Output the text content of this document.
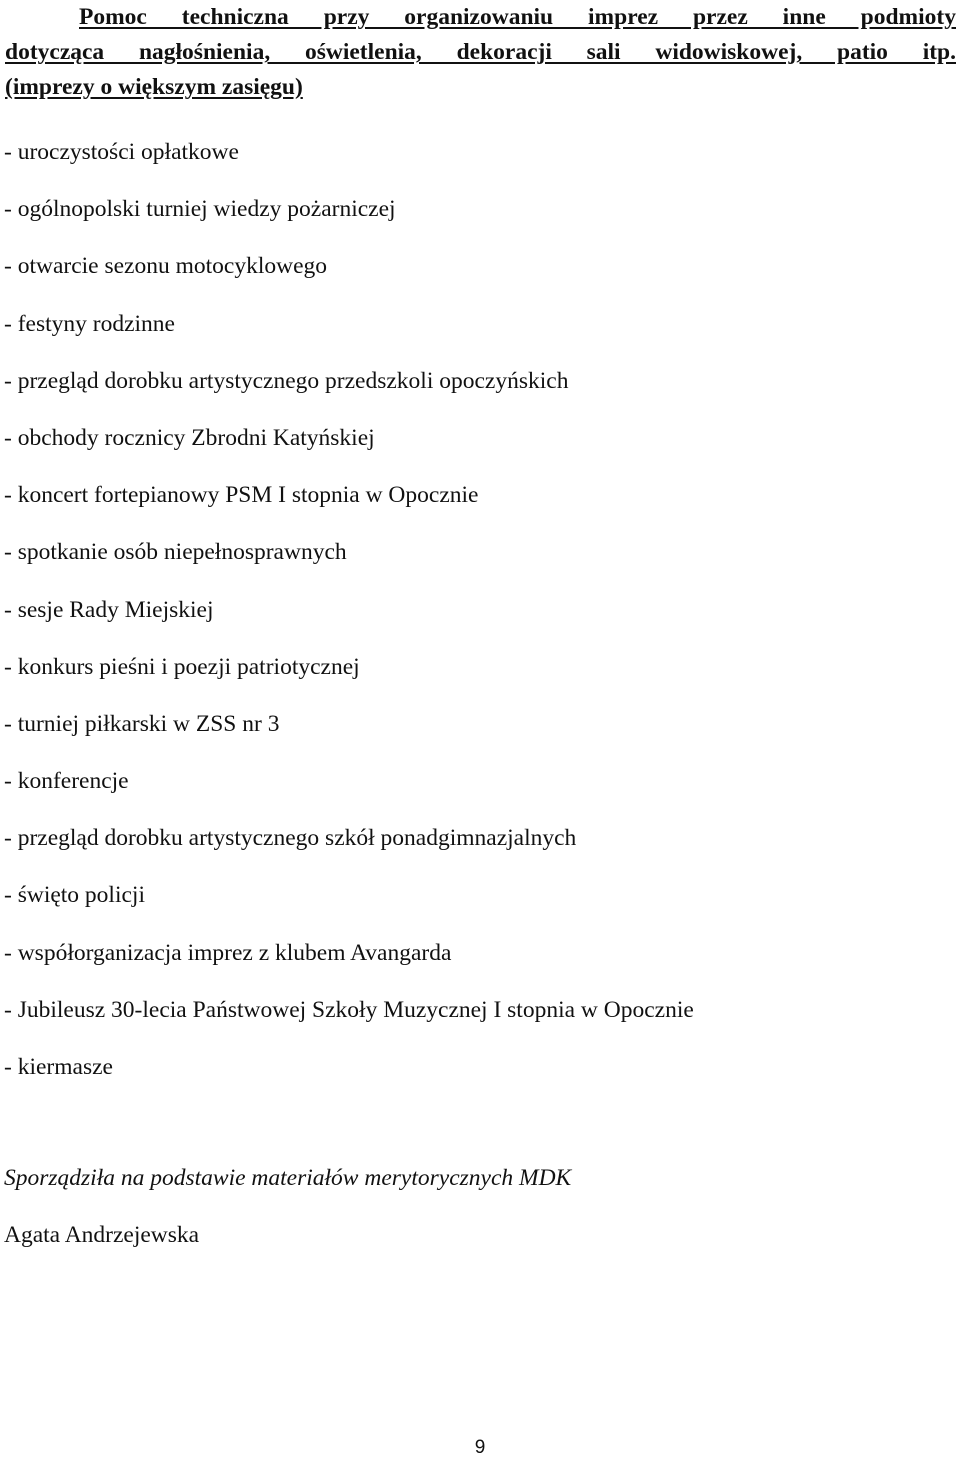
Pomoc techniczna przy organizowaniu imprez przez inne podmioty
dotycząca nagłośnienia, oświetlenia, dekoracji sali widowiskowej, patio itp.
(imprezy o większym zasięgu)
- uroczystości opłatkowe
- ogólnopolski turniej wiedzy pożarniczej
- otwarcie sezonu motocyklowego
- festyny rodzinne
- przegląd dorobku artystycznego przedszkoli opoczyńskich
- obchody rocznicy Zbrodni Katyńskiej
- koncert fortepianowy PSM I stopnia w Opocznie
- spotkanie osób niepełnosprawnych
- sesje Rady Miejskiej
- konkurs pieśni i poezji patriotycznej
- turniej piłkarski w ZSS nr 3
- konferencje
- przegląd dorobku artystycznego szkół ponadgimnazjalnych
- święto policji
- współorganizacja imprez z klubem Avangarda
- Jubileusz 30-lecia Państwowej Szkoły Muzycznej I stopnia w Opocznie
- kiermasze
Sporządziła na podstawie materiałów merytorycznych MDK
Agata Andrzejewska
9
